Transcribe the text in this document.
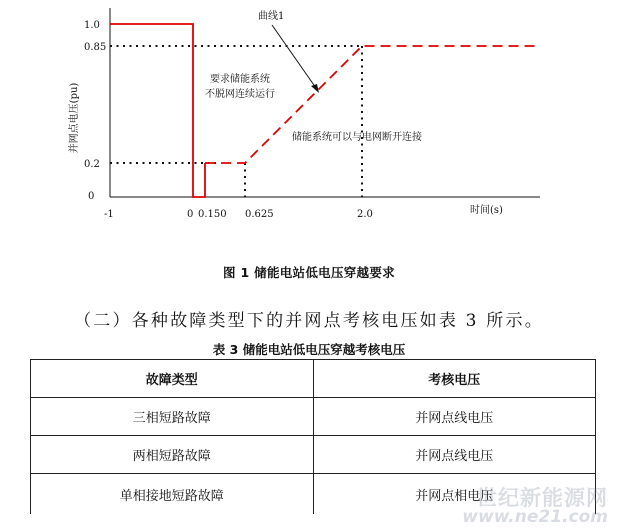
1.0
0.85
0.2
0
-1	0 0.150 0.625	2.0	时间(s)
并网点电压(pu)
曲线1
要求储能系统
不脱网连续运行
储能系统可以与电网断开连接
图 1 储能电站低电压穿越要求
（二）各种故障类型下的并网点考核电压如表 3 所示。
表 3 储能电站低电压穿越考核电压
故障类型	考核电压
三相短路故障	并网点线电压
两相短路故障	并网点线电压
单相接地短路故障	并网点相电压
世纪新能源网
www.ne21.com
